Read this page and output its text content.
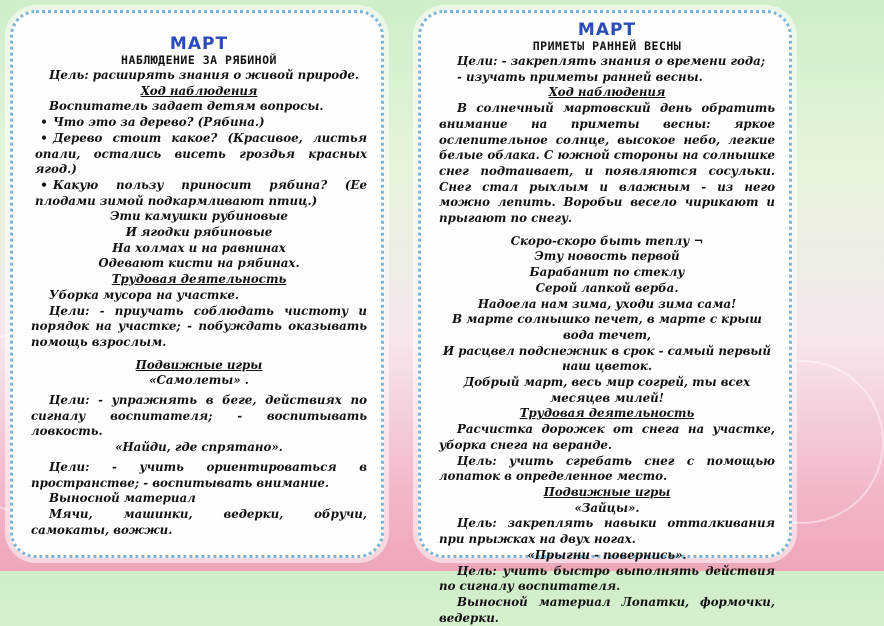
МАРТ
НАБЛЮДЕНИЕ ЗА РЯБИНОЙ

Цель: расширять знания о живой природе.

Ход наблюдения

Воспитатель задает детям вопросы.

• Что это за дерево? (Рябина.)

• Дерево стоит какое? (Красивое, листья опали, остались висеть гроздья красных ягод.)

• Какую пользу приносит рябина? (Ее плодами зимой подкармливают птиц.)

Эти камушки рубиновые

И ягодки рябиновые

На холмах и на равнинах

Одевают кисти на рябинах.

Трудовая деятельность

Уборка мусора на участке.

Цели: - приучать соблюдать чистоту и порядок на участке; - побуждать оказывать помощь взрослым.

Подвижные игры

«Самолеты» .

Цели: - упражнять в беге, действиях по сигналу воспитателя; - воспитывать ловкость.

«Найди, где спрятано».

Цели: - учить ориентироваться в пространстве; - воспитывать внимание.

Выносной материал

Мячи, машинки, ведерки, обручи, самокаты, вожжи.

МАРТ
ПРИМЕТЫ РАННЕЙ ВЕСНЫ

Цели: - закреплять знания о времени года;

- изучать приметы ранней весны.

Ход наблюдения

В солнечный мартовский день обратить внимание на приметы весны: яркое ослепительное солнце, высокое небо, легкие белые облака. С южной стороны на солнышке снег подтаивает, и появляются сосульки. Снег стал рыхлым и влажным - из него можно лепить. Воробьи весело чирикают и прыгают по снегу.

Скоро-скоро быть теплу ¬

Эту новость первой

Барабанит по стеклу

Серой лапкой верба.

Надоела нам зима, уходи зима сама!

В марте солнышко печет, в марте с крыш вода течет,

И расцвел подснежник в срок - самый первый наш цветок.

Добрый март, весь мир согрей, ты всех месяцев милей!

Трудовая деятельность

Расчистка дорожек от снега на участке, уборка снега на веранде.

Цель: учить сгребать снег с помощью лопаток в определенное место.

Подвижные игры

«Зайцы».

Цель: закреплять навыки отталкивания при прыжках на двух ногах.

«Прыгни - повернись».

Цель: учить быстро выполнять действия по сигналу воспитателя.

Выносной материал Лопатки, формочки, ведерки.
